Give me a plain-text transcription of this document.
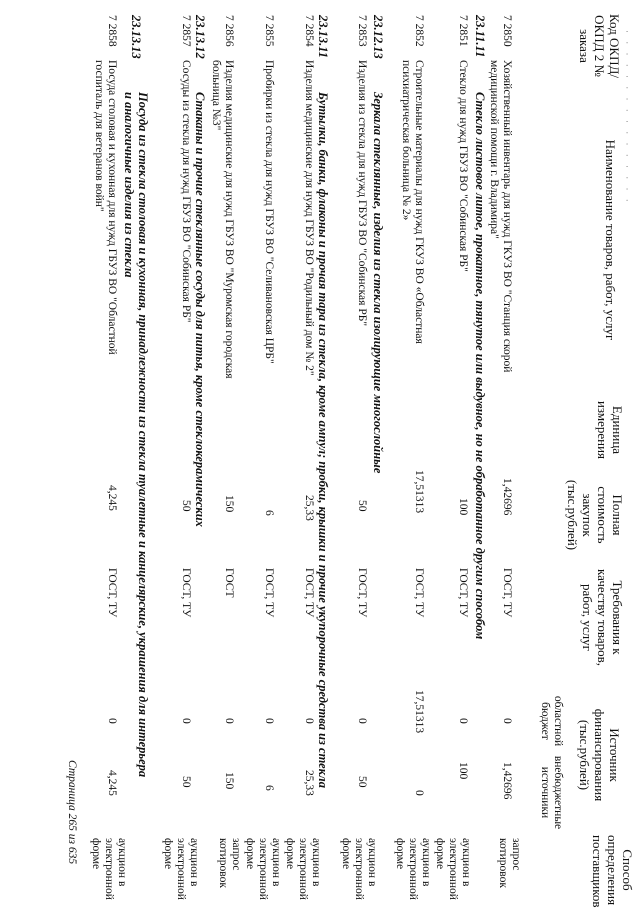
· · · · · · · · · · · · · · · ·
Код ОКПД/ ОКПД 2 № заказа
Наименование товаров, работ, услуг
Единица измерения
Полная стоимость закупок (тыс.рублей)
Требования к качеству товаров, работ, услуг
Источник финансирования (тыс.рублей)
областной бюджет
внебюджетные источники
Способ определения поставщиков
7 2850
Хозяйственный инвентарь для нужд ГКУЗ ВО "Станция скорой медицинской помощи г. Владимира"
1,42696
ГОСТ, ТУ
0
1,42696
запрос котировок
23.11.11
Стекло листовое литое, прокатное, тянутое или выдувное, но не обработанное другим способом
7 2851
Стекло для нужд ГБУЗ ВО "Собинская РБ"
100
ГОСТ, ТУ
0
100
аукцион в электронной форме
7 2852
Строительные материалы для нужд ГКУЗ ВО «Областная психиатрическая больница № 2»
17,51313
ГОСТ, ТУ
17,51313
0
аукцион в электронной форме
23.12.13
Зеркала стеклянные, изделия из стекла изолирующие многослойные
7 2853
Изделия из стекла для нужд ГБУЗ ВО "Собинская РБ"
50
ГОСТ, ТУ
0
50
аукцион в электронной форме
23.13.11
Бутылки, банки, флаконы и прочая тара из стекла, кроме ампул; пробки, крышки и прочие укупорочные средства из стекла
7 2854
Изделия медицинские для нужд ГБУЗ ВО "Родильный дом № 2"
25,33
ГОСТ, ТУ
0
25,33
аукцион в электронной форме
7 2855
Пробирки из стекла для нужд ГБУЗ ВО "Селивановская ЦРБ"
6
ГОСТ, ТУ
0
6
аукцион в электронной форме
7 2856
Изделия медицинские для нужд ГБУЗ ВО "Муромская городская больница №3"
150
ГОСТ
0
150
запрос котировок
23.13.12
Стаканы и прочие стеклянные сосуды для питья, кроме стеклокерамических
7 2857
Сосуды из стекла для нужд ГБУЗ ВО "Собинская РБ"
50
ГОСТ, ТУ
0
50
аукцион в электронной форме
23.13.13
Посуда из стекла столовая и кухонная, принадлежности из стекла туалетные и канцелярские, украшения для интерьера и аналогичные изделия из стекла
7 2858
Посуда столовая и кухонная для нужд ГБУЗ ВО "Областной госпиталь для ветеранов войн"
4,245
ГОСТ, ТУ
0
4,245
аукцион в электронной форме
Страница 265 из 635
